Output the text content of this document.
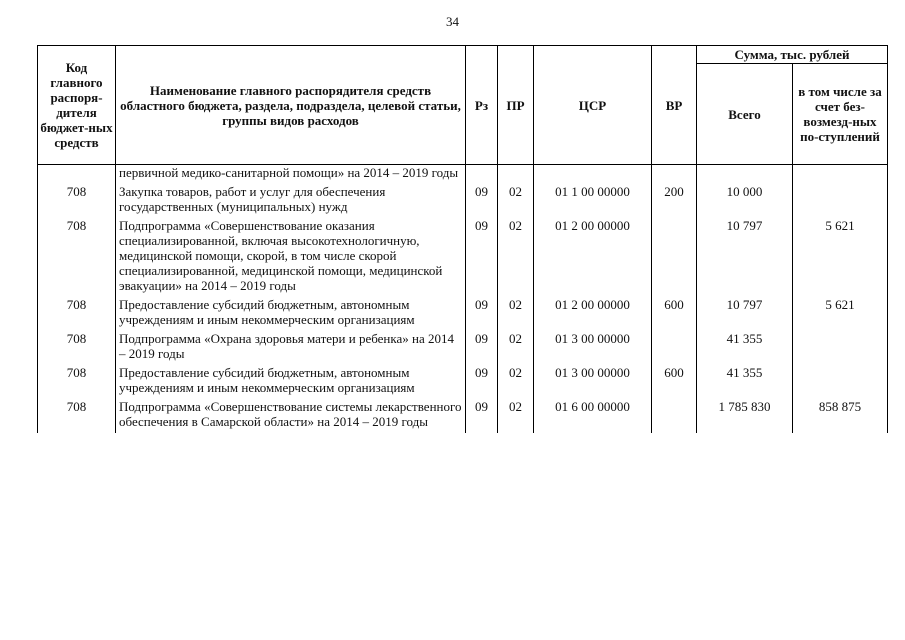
34
Код главного распоря-дителя бюджет-ных средств	Наименование главного распорядителя средств областного бюджета, раздела, подраздела, целевой статьи, группы видов расходов	Рз	ПР	ЦСР	ВР	Сумма, тыс. рублей	
						Всего	в том числе за счет без-возмезд-ных по-ступлений
	первичной медико-санитарной помощи» на 2014 – 2019 годы						
708	Закупка товаров, работ и услуг для обеспечения государственных (муниципальных) нужд	09	02	01 1 00 00000	200	10 000	
708	Подпрограмма «Совершенствование оказания специализированной, включая высокотехнологичную, медицинской помощи, скорой, в том числе скорой специализированной, медицинской помощи, медицинской эвакуации» на 2014 – 2019 годы	09	02	01 2 00 00000		10 797	5 621
708	Предоставление субсидий бюджетным, автономным учреждениям и иным некоммерческим организациям	09	02	01 2 00 00000	600	10 797	5 621
708	Подпрограмма «Охрана здоровья матери и ребенка» на 2014 – 2019 годы	09	02	01 3 00 00000		41 355	
708	Предоставление субсидий бюджетным, автономным учреждениям и иным некоммерческим организациям	09	02	01 3 00 00000	600	41 355	
708	Подпрограмма «Совершенствование системы лекарственного обеспечения в Самарской области» на 2014 – 2019 годы	09	02	01 6 00 00000		1 785 830	858 875
